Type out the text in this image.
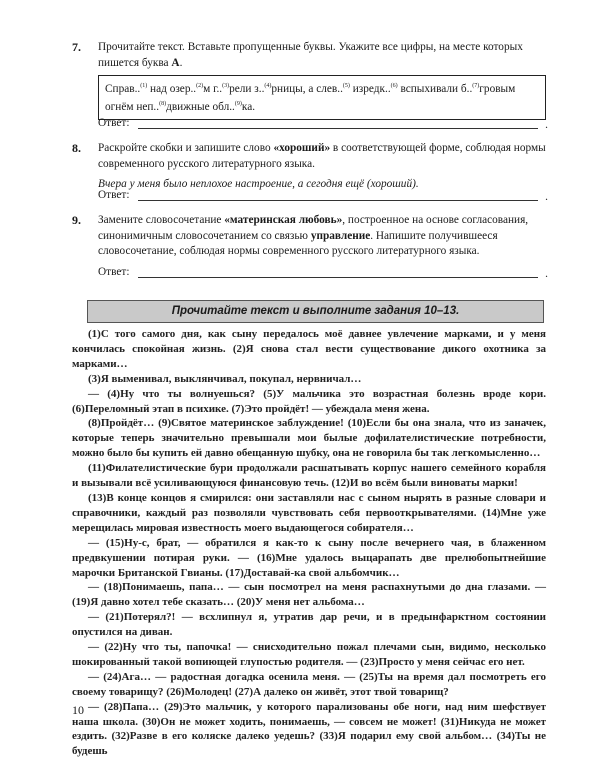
7. Прочитайте текст. Вставьте пропущенные буквы. Укажите все цифры, на месте которых пишется буква А.
Справ..$^{(1)}$ над озер..$^{(2)}$м г..$^{(3)}$рели з..$^{(4)}$рницы, а слев..$^{(5)}$ изредк..$^{(6)}$ вспыхивали б..$^{(7)}$гровым огнём неп..$^{(8)}$движные обл..$^{(9)}$ка.
Ответ:	.
8. Раскройте скобки и запишите слово «хороший» в соответствующей форме, соблюдая нормы современного русского литературного языка.
Вчера у меня было неплохое настроение, а сегодня ещё (хороший).
Ответ:	.
9. Замените словосочетание «материнская любовь», построенное на основе согласования, синонимичным словосочетанием со связью управление. Напишите получившееся словосочетание, соблюдая нормы современного русского литературного языка.
Ответ:	.
Прочитайте текст и выполните задания 10–13.

(1)С того самого дня, как сыну передалось моё давнее увлечение марками, и у меня кончилась спокойная жизнь. (2)Я снова стал вести существование дикого охотника за марками…

(3)Я выменивал, выклянчивал, покупал, нервничал…

— (4)Ну что ты волнуешься? (5)У мальчика это возрастная болезнь вроде кори. (6)Переломный этап в психике. (7)Это пройдёт! — убеждала меня жена.

(8)Пройдёт… (9)Святое материнское заблуждение! (10)Если бы она знала, что из заначек, которые теперь значительно превышали мои былые дофилателистические потребности, можно было бы купить ей давно обещанную шубку, она не говорила бы так легкомысленно…

(11)Филателистические бури продолжали расшатывать корпус нашего семейного корабля и вызывали всё усиливающуюся финансовую течь. (12)И во всём были виноваты марки!

(13)В конце концов я смирился: они заставляли нас с сыном нырять в разные словари и справочники, каждый раз позволяли чувствовать себя первооткрывателями. (14)Мне уже мерещилась мировая известность моего выдающегося собирателя…

— (15)Ну-с, брат, — обратился я как-то к сыну после вечернего чая, в блаженном предвкушении потирая руки. — (16)Мне удалось выцарапать две прелюбопытнейшие марочки Британской Гвианы. (17)Доставай-ка свой альбомчик…

— (18)Понимаешь, папа… — сын посмотрел на меня распахнутыми до дна глазами. — (19)Я давно хотел тебе сказать… (20)У меня нет альбома…

— (21)Потерял?! — всхлипнул я, утратив дар речи, и в предынфарктном состоянии опустился на диван.

— (22)Ну что ты, папочка! — снисходительно пожал плечами сын, видимо, несколько шокированный такой вопиющей глупостью родителя. — (23)Просто у меня сейчас его нет.

— (24)Ага… — радостная догадка осенила меня. — (25)Ты на время дал посмотреть его своему товарищу? (26)Молодец! (27)А далеко он живёт, этот твой товарищ?

— (28)Папа… (29)Это мальчик, у которого парализованы обе ноги, над ним шефствует наша школа. (30)Он не может ходить, понимаешь, — совсем не может! (31)Никуда не может ездить. (32)Разве в его коляске далеко уедешь? (33)Я подарил ему свой альбом… (34)Ты не будешь

10
